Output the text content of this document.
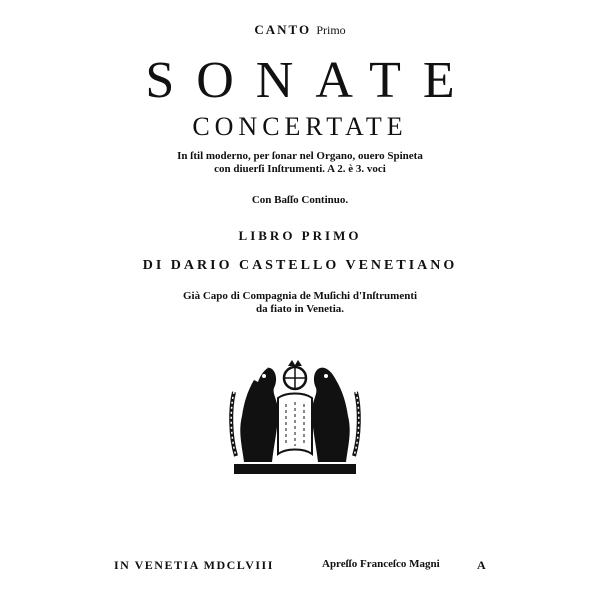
CANTO Primo
SONATE
CONCERTATE
In ſtil moderno, per ſonar nel Organo, ouero Spineta
con diuerſi Inſtrumenti. A 2. è 3. voci
Con Baſſo Continuo.
LIBRO PRIMO
DI DARIO CASTELLO VENETIANO
Già Capo di Compagnia de Muſichi d'Inſtrumenti
da fiato in Venetia.
IN VENETIA MDCLVIII	Apreſſo Franceſco Magni	A
